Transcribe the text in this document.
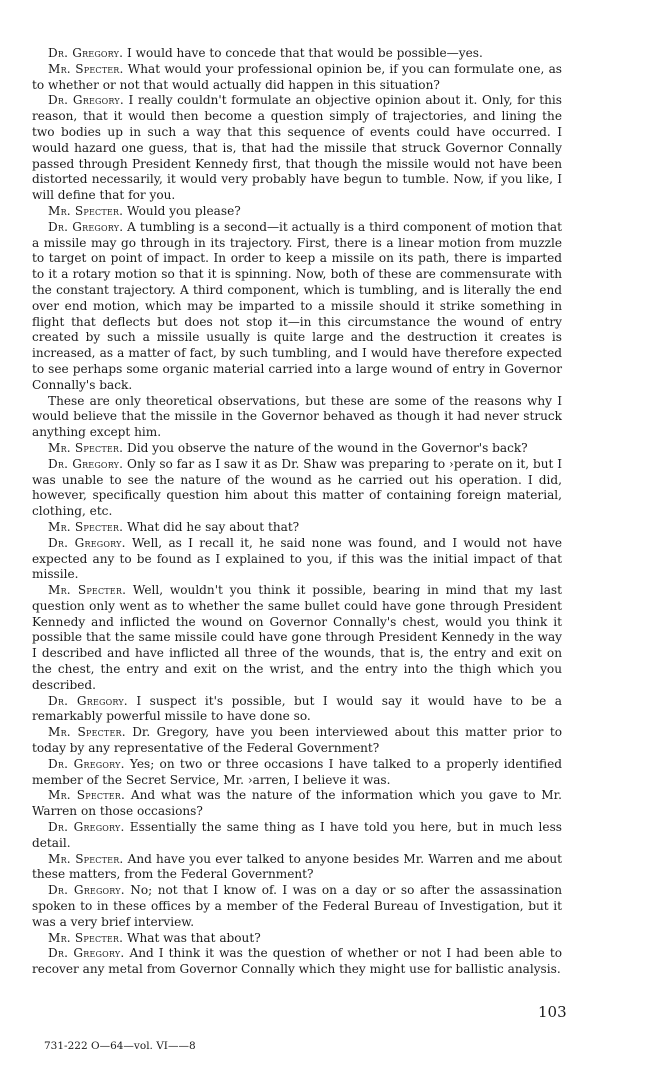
Dr. Gregory. I would have to concede that that would be possible—yes.

Mr. Specter. What would your professional opinion be, if you can formulate one, as to whether or not that would actually did happen in this situation?

Dr. Gregory. I really couldn't formulate an objective opinion about it. Only, for this reason, that it would then become a question simply of trajectories, and lining the two bodies up in such a way that this sequence of events could have occurred. I would hazard one guess, that is, that had the missile that struck Governor Connally passed through President Kennedy first, that though the missile would not have been distorted necessarily, it would very probably have begun to tumble. Now, if you like, I will define that for you.

Mr. Specter. Would you please?

Dr. Gregory. A tumbling is a second—it actually is a third component of motion that a missile may go through in its trajectory. First, there is a linear motion from muzzle to target on point of impact. In order to keep a missile on its path, there is imparted to it a rotary motion so that it is spinning. Now, both of these are commensurate with the constant trajectory. A third component, which is tumbling, and is literally the end over end motion, which may be imparted to a missile should it strike something in flight that deflects but does not stop it—in this circumstance the wound of entry created by such a missile usually is quite large and the destruction it creates is increased, as a matter of fact, by such tumbling, and I would have therefore expected to see perhaps some organic material carried into a large wound of entry in Governor Connally's back.

These are only theoretical observations, but these are some of the reasons why I would believe that the missile in the Governor behaved as though it had never struck anything except him.

Mr. Specter. Did you observe the nature of the wound in the Governor's back?

Dr. Gregory. Only so far as I saw it as Dr. Shaw was preparing to ›perate on it, but I was unable to see the nature of the wound as he carried out his operation. I did, however, specifically question him about this matter of containing foreign material, clothing, etc.

Mr. Specter. What did he say about that?

Dr. Gregory. Well, as I recall it, he said none was found, and I would not have expected any to be found as I explained to you, if this was the initial impact of that missile.

Mr. Specter. Well, wouldn't you think it possible, bearing in mind that my last question only went as to whether the same bullet could have gone through President Kennedy and inflicted the wound on Governor Connally's chest, would you think it possible that the same missile could have gone through President Kennedy in the way I described and have inflicted all three of the wounds, that is, the entry and exit on the chest, the entry and exit on the wrist, and the entry into the thigh which you described.

Dr. Gregory. I suspect it's possible, but I would say it would have to be a remarkably powerful missile to have done so.

Mr. Specter. Dr. Gregory, have you been interviewed about this matter prior to today by any representative of the Federal Government?

Dr. Gregory. Yes; on two or three occasions I have talked to a properly identified member of the Secret Service, Mr. ›arren, I believe it was.

Mr. Specter. And what was the nature of the information which you gave to Mr. Warren on those occasions?

Dr. Gregory. Essentially the same thing as I have told you here, but in much less detail.

Mr. Specter. And have you ever talked to anyone besides Mr. Warren and me about these matters, from the Federal Government?

Dr. Gregory. No; not that I know of. I was on a day or so after the assassination spoken to in these offices by a member of the Federal Bureau of Investigation, but it was a very brief interview.

Mr. Specter. What was that about?

Dr. Gregory. And I think it was the question of whether or not I had been able to recover any metal from Governor Connally which they might use for ballistic analysis.

103
731-222 O—64—vol. VI——8
